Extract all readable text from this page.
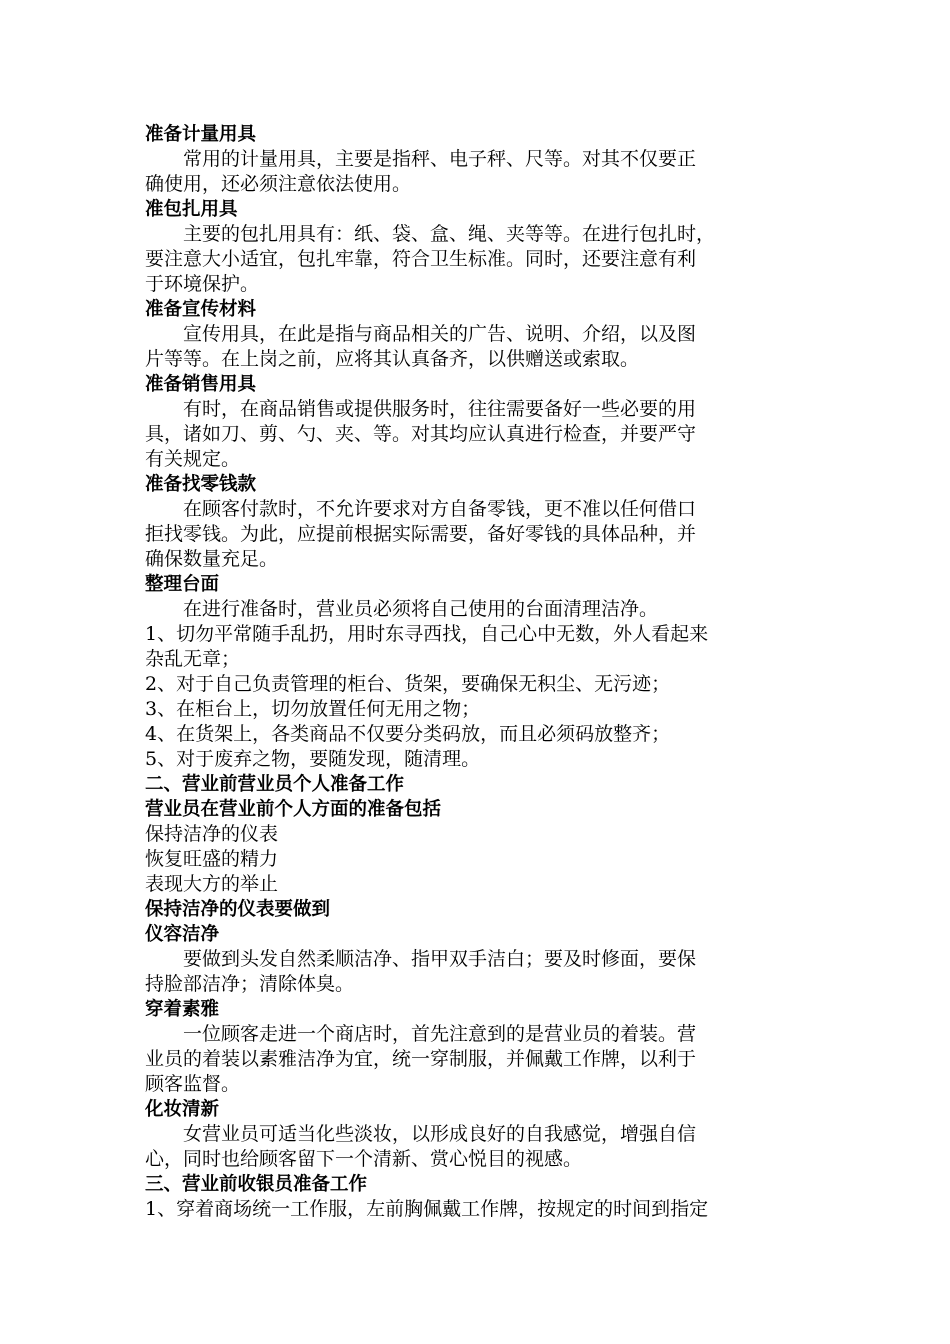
准备计量用具
常用的计量用具，主要是指秤、电子秤、尺等。对其不仅要正
确使用，还必须注意依法使用。
准包扎用具
主要的包扎用具有：纸、袋、盒、绳、夹等等。在进行包扎时，
要注意大小适宜，包扎牢靠，符合卫生标准。同时，还要注意有利
于环境保护。
准备宣传材料
宣传用具，在此是指与商品相关的广告、说明、介绍，以及图
片等等。在上岗之前，应将其认真备齐，以供赠送或索取。
准备销售用具
有时，在商品销售或提供服务时，往往需要备好一些必要的用
具，诸如刀、剪、勺、夹、等。对其均应认真进行检查，并要严守
有关规定。
准备找零钱款
在顾客付款时，不允许要求对方自备零钱，更不准以任何借口
拒找零钱。为此，应提前根据实际需要，备好零钱的具体品种，并
确保数量充足。
整理台面
在进行准备时，营业员必须将自己使用的台面清理洁净。
1、切勿平常随手乱扔，用时东寻西找，自己心中无数，外人看起来
杂乱无章；
2、对于自己负责管理的柜台、货架，要确保无积尘、无污迹；
3、在柜台上，切勿放置任何无用之物；
4、在货架上，各类商品不仅要分类码放，而且必须码放整齐；
5、对于废弃之物，要随发现，随清理。
二、营业前营业员个人准备工作
营业员在营业前个人方面的准备包括
保持洁净的仪表
恢复旺盛的精力
表现大方的举止
保持洁净的仪表要做到
仪容洁净
要做到头发自然柔顺洁净、指甲双手洁白；要及时修面，要保
持脸部洁净；清除体臭。
穿着素雅
一位顾客走进一个商店时，首先注意到的是营业员的着装。营
业员的着装以素雅洁净为宜，统一穿制服，并佩戴工作牌，以利于
顾客监督。
化妆清新
女营业员可适当化些淡妆，以形成良好的自我感觉，增强自信
心，同时也给顾客留下一个清新、赏心悦目的视感。
三、营业前收银员准备工作
1、穿着商场统一工作服，左前胸佩戴工作牌，按规定的时间到指定
